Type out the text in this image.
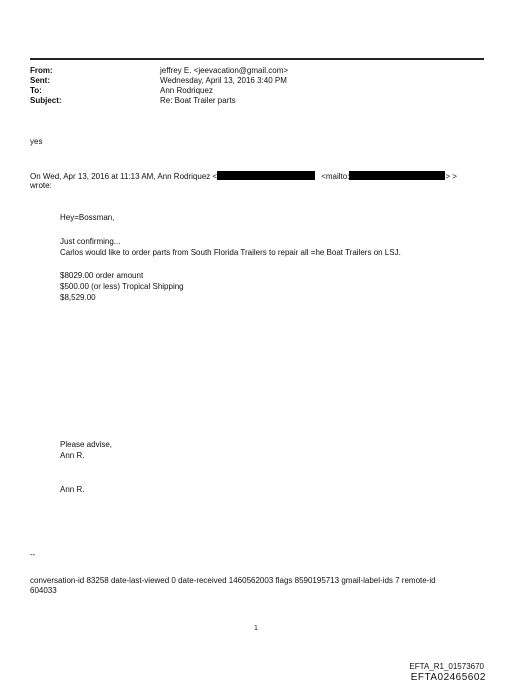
From:	jeffrey E. <jeevacation@gmail.com>
Sent:	Wednesday, April 13, 2016 3:40 PM
To:	Ann Rodriquez
Subject:	Re: Boat Trailer parts
yes
On Wed, Apr 13, 2016 at 11:13 AM, Ann Rodriquez <	<mailto:	> >
wrote:
Hey=Bossman,
Just confirming...
Carlos would like to order parts from South Florida Trailers to repair all =he Boat Trailers on LSJ.
$8029.00 order amount
$500.00 (or less) Tropical Shipping
$8,529.00
Please advise,
Ann R.
Ann R.
--
conversation-id 83258 date-last-viewed 0 date-received 1460562003 flags 8590195713 gmail-label-ids 7 remote-id
604033
1
EFTA_R1_01573670
EFTA02465602
